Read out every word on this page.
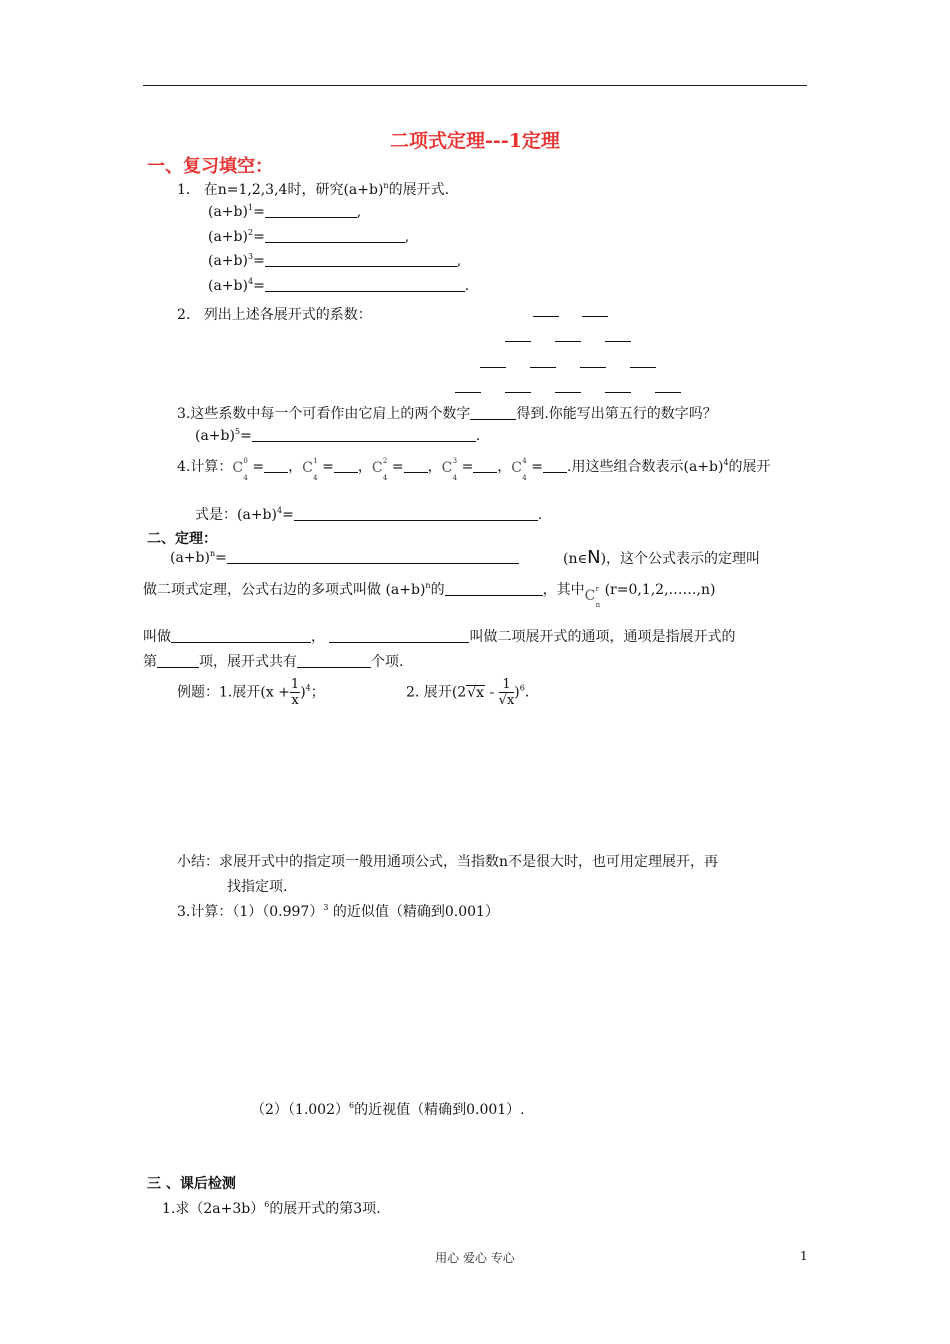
二项式定理---1定理
一、复习填空：
1. 在n=1,2,3,4时，研究$(a+b)^n$的展开式.
$(a+b)^1=$	,
$(a+b)^2=$	,
$(a+b)^3=$	,
$(a+b)^4=$	.
2. 列出上述各展开式的系数：
3.这些系数中每一个可看作由它肩上的两个数字	得到.你能写出第五行的数字吗？
$(a+b)^5=$	.
4.计算： C 0
4
= ， C 1
4
= ， C 2
4
= ， C 3
4
= ， C 4
4
= .用这些组合数表示$(a+b)^4$的展开
式是：$(a+b)^4=$	.
二、定理：
$(a+b)^n=$	(n∈N)，这个公式表示的定理叫
做二项式定理，公式右边的多项式叫做 $(a+b)^n$的	，其中 C r
n
(r=0,1,2,……,n)
叫做	，	叫做二项展开式的通项，通项是指展开式的
第	项，展开式共有	个项.
例题：1.展开$(x + \frac{1}{x} )^4$；	2. 展开$(2√x - \frac{1}{√x} )^6$.
小结：求展开式中的指定项一般用通项公式，当指数n不是很大时，也可用定理展开，再
找指定项.
3.计算：$(1)(0.997)^3$ 的近似值（精确到0.001）
$(2)(1.002)^6$的近视值（精确到0.001）.
三 、课后检测
1.求$(2a+3b)^6$的展开式的第3项.
用心 爱心 专心	1
